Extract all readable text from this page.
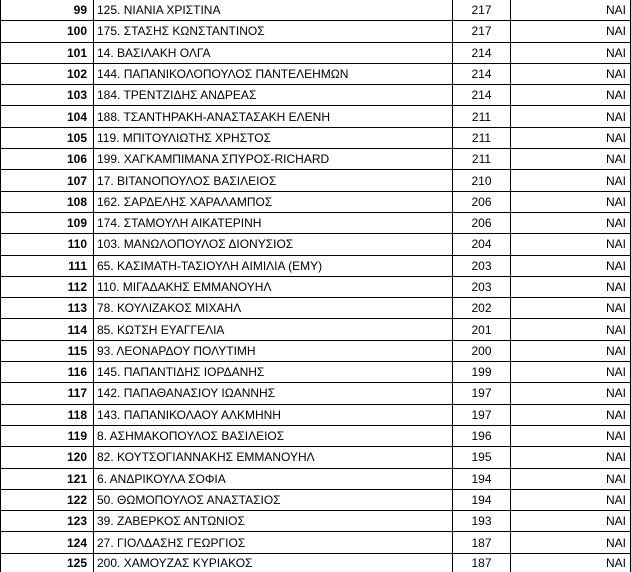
99	125. ΝΙΑΝΙΑ ΧΡΙΣΤΙΝΑ	217	ΝΑΙ
100	175. ΣΤΑΣΗΣ ΚΩΝΣΤΑΝΤΙΝΟΣ	217	ΝΑΙ
101	14. ΒΑΣΙΛΑΚΗ ΟΛΓΑ	214	ΝΑΙ
102	144. ΠΑΠΑΝΙΚΟΛΟΠΟΥΛΟΣ ΠΑΝΤΕΛΕΗΜΩΝ	214	ΝΑΙ
103	184. ΤΡΕΝΤΖΙΔΗΣ ΑΝΔΡΕΑΣ	214	ΝΑΙ
104	188. ΤΣΑΝΤΗΡΑΚΗ-ΑΝΑΣΤΑΣΑΚΗ ΕΛΕΝΗ	211	ΝΑΙ
105	119. ΜΠΙΤΟΥΛΙΩΤΗΣ ΧΡΗΣΤΟΣ	211	ΝΑΙ
106	199. ΧΑΓΚΑΜΠΙΜΑΝΑ ΣΠΥΡΟΣ-RICHARD	211	ΝΑΙ
107	17. ΒΙΤΑΝΟΠΟΥΛΟΣ ΒΑΣΙΛΕΙΟΣ	210	ΝΑΙ
108	162. ΣΑΡΔΕΛΗΣ ΧΑΡΑΛΑΜΠΟΣ	206	ΝΑΙ
109	174. ΣΤΑΜΟΥΛΗ ΑΙΚΑΤΕΡΙΝΗ	206	ΝΑΙ
110	103. ΜΑΝΩΛΟΠΟΥΛΟΣ ΔΙΟΝΥΣΙΟΣ	204	ΝΑΙ
111	65. ΚΑΣΙΜΑΤΗ-ΤΑΣΙΟΥΛΗ ΑΙΜΙΛΙΑ (ΕΜΥ)	203	ΝΑΙ
112	110. ΜΙΓΑΔΑΚΗΣ ΕΜΜΑΝΟΥΗΛ	203	ΝΑΙ
113	78. ΚΟΥΛΙΖΑΚΟΣ ΜΙΧΑΗΛ	202	ΝΑΙ
114	85. ΚΩΤΣΗ ΕΥΑΓΓΕΛΙΑ	201	ΝΑΙ
115	93. ΛΕΟΝΑΡΔΟΥ ΠΟΛΥΤΙΜΗ	200	ΝΑΙ
116	145. ΠΑΠΑΝΤΙΔΗΣ ΙΟΡΔΑΝΗΣ	199	ΝΑΙ
117	142. ΠΑΠΑΘΑΝΑΣΙΟΥ ΙΩΑΝΝΗΣ	197	ΝΑΙ
118	143. ΠΑΠΑΝΙΚΟΛΑΟΥ ΑΛΚΜΗΝΗ	197	ΝΑΙ
119	8. ΑΣΗΜΑΚΟΠΟΥΛΟΣ ΒΑΣΙΛΕΙΟΣ	196	ΝΑΙ
120	82. ΚΟΥΤΣΟΓΙΑΝΝΑΚΗΣ ΕΜΜΑΝΟΥΗΛ	195	ΝΑΙ
121	6. ΑΝΔΡΙΚΟΥΛΑ ΣΟΦΙΑ	194	ΝΑΙ
122	50. ΘΩΜΟΠΟΥΛΟΣ ΑΝΑΣΤΑΣΙΟΣ	194	ΝΑΙ
123	39. ΖΑΒΕΡΚΟΣ ΑΝΤΩΝΙΟΣ	193	ΝΑΙ
124	27. ΓΙΟΛΔΑΣΗΣ ΓΕΩΡΓΙΟΣ	187	ΝΑΙ
125	200. ΧΑΜΟΥΖΑΣ ΚΥΡΙΑΚΟΣ	187	ΝΑΙ
